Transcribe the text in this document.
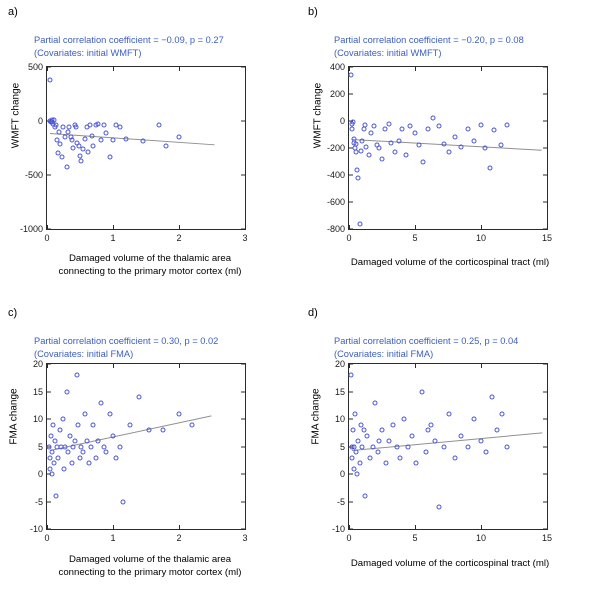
a)
Partial correlation coefficient = −0.09, p = 0.27
(Covariates: initial WMFT)
WMFT change
-1000
-500
0
500
0	1	2	3
Damaged volume of the thalamic area
connecting to the primary motor cortex (ml)
b)
Partial correlation coefficient = −0.20, p = 0.08
(Covariates: initial WMFT)
WMFT change
-800
-600
-400
-200
0
200
400
0	5	10	15
Damaged volume of the corticospinal tract (ml)
c)
Partial correlation coefficient = 0.30, p = 0.02
(Covariates: initial FMA)
FMA change
-10
-5
0
5
10
15
20
0	1	2	3
Damaged volume of the thalamic area
connecting to the primary motor cortex (ml)
d)
Partial correlation coefficient = 0.25, p = 0.04
(Covariates: initial FMA)
FMA change
-10
-5
0
5
10
15
20
0	5	10	15
Damaged volume of the corticospinal tract (ml)
